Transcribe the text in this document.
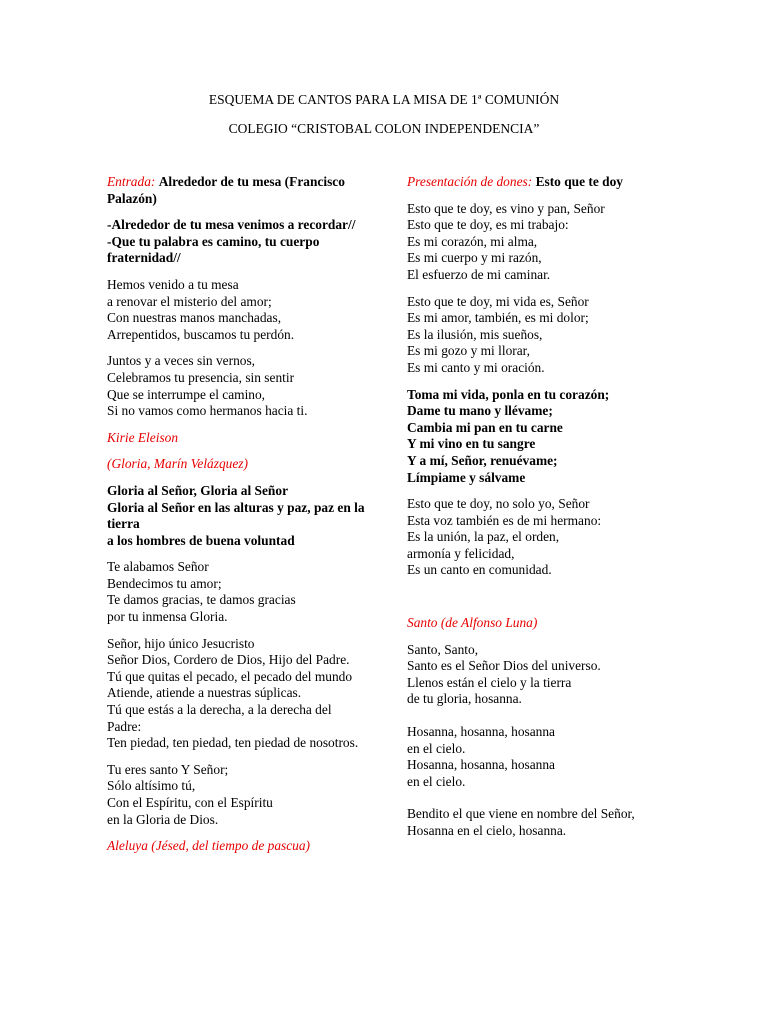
ESQUEMA DE CANTOS PARA LA MISA DE 1ª COMUNIÓN
COLEGIO “CRISTOBAL COLON INDEPENDENCIA”

Entrada: Alrededor de tu mesa (Francisco Palazón)

-Alrededor de tu mesa venimos a recordar//
-Que tu palabra es camino, tu cuerpo fraternidad//

Hemos venido a tu mesa
a renovar el misterio del amor;
Con nuestras manos manchadas,
Arrepentidos, buscamos tu perdón.

Juntos y a veces sin vernos,
Celebramos tu presencia, sin sentir
Que se interrumpe el camino,
Si no vamos como hermanos hacia ti.

Kirie Eleison

(Gloria, Marín Velázquez)

Gloria al Señor, Gloria al Señor
Gloria al Señor en las alturas y paz, paz en la tierra
a los hombres de buena voluntad

Te alabamos Señor
Bendecimos tu amor;
Te damos gracias, te damos gracias
por tu inmensa Gloria.

Señor, hijo único Jesucristo
Señor Dios, Cordero de Dios, Hijo del Padre.
Tú que quitas el pecado, el pecado del mundo
Atiende, atiende a nuestras súplicas.
Tú que estás a la derecha, a la derecha del Padre:
Ten piedad, ten piedad, ten piedad de nosotros.

Tu eres santo Y Señor;
Sólo altísimo tú,
Con el Espíritu, con el Espíritu
en la Gloria de Dios.

Aleluya (Jésed, del tiempo de pascua)

Presentación de dones: Esto que te doy

Esto que te doy, es vino y pan, Señor
Esto que te doy, es mi trabajo:
Es mi corazón, mi alma,
Es mi cuerpo y mi razón,
El esfuerzo de mi caminar.

Esto que te doy, mi vida es, Señor
Es mi amor, también, es mi dolor;
Es la ilusión, mis sueños,
Es mi gozo y mi llorar,
Es mi canto y mi oración.

Toma mi vida, ponla en tu corazón;
Dame tu mano y llévame;
Cambia mi pan en tu carne
Y mi vino en tu sangre
Y a mí, Señor, renuévame;
Límpiame y sálvame

Esto que te doy, no solo yo, Señor
Esta voz también es de mi hermano:
Es la unión, la paz, el orden,
armonía y felicidad,
Es un canto en comunidad.

Santo (de Alfonso Luna)

Santo, Santo,
Santo es el Señor Dios del universo.
Llenos están el cielo y la tierra
de tu gloria, hosanna.

Hosanna, hosanna, hosanna
en el cielo.
Hosanna, hosanna, hosanna
en el cielo.

Bendito el que viene en nombre del Señor,
Hosanna en el cielo, hosanna.
